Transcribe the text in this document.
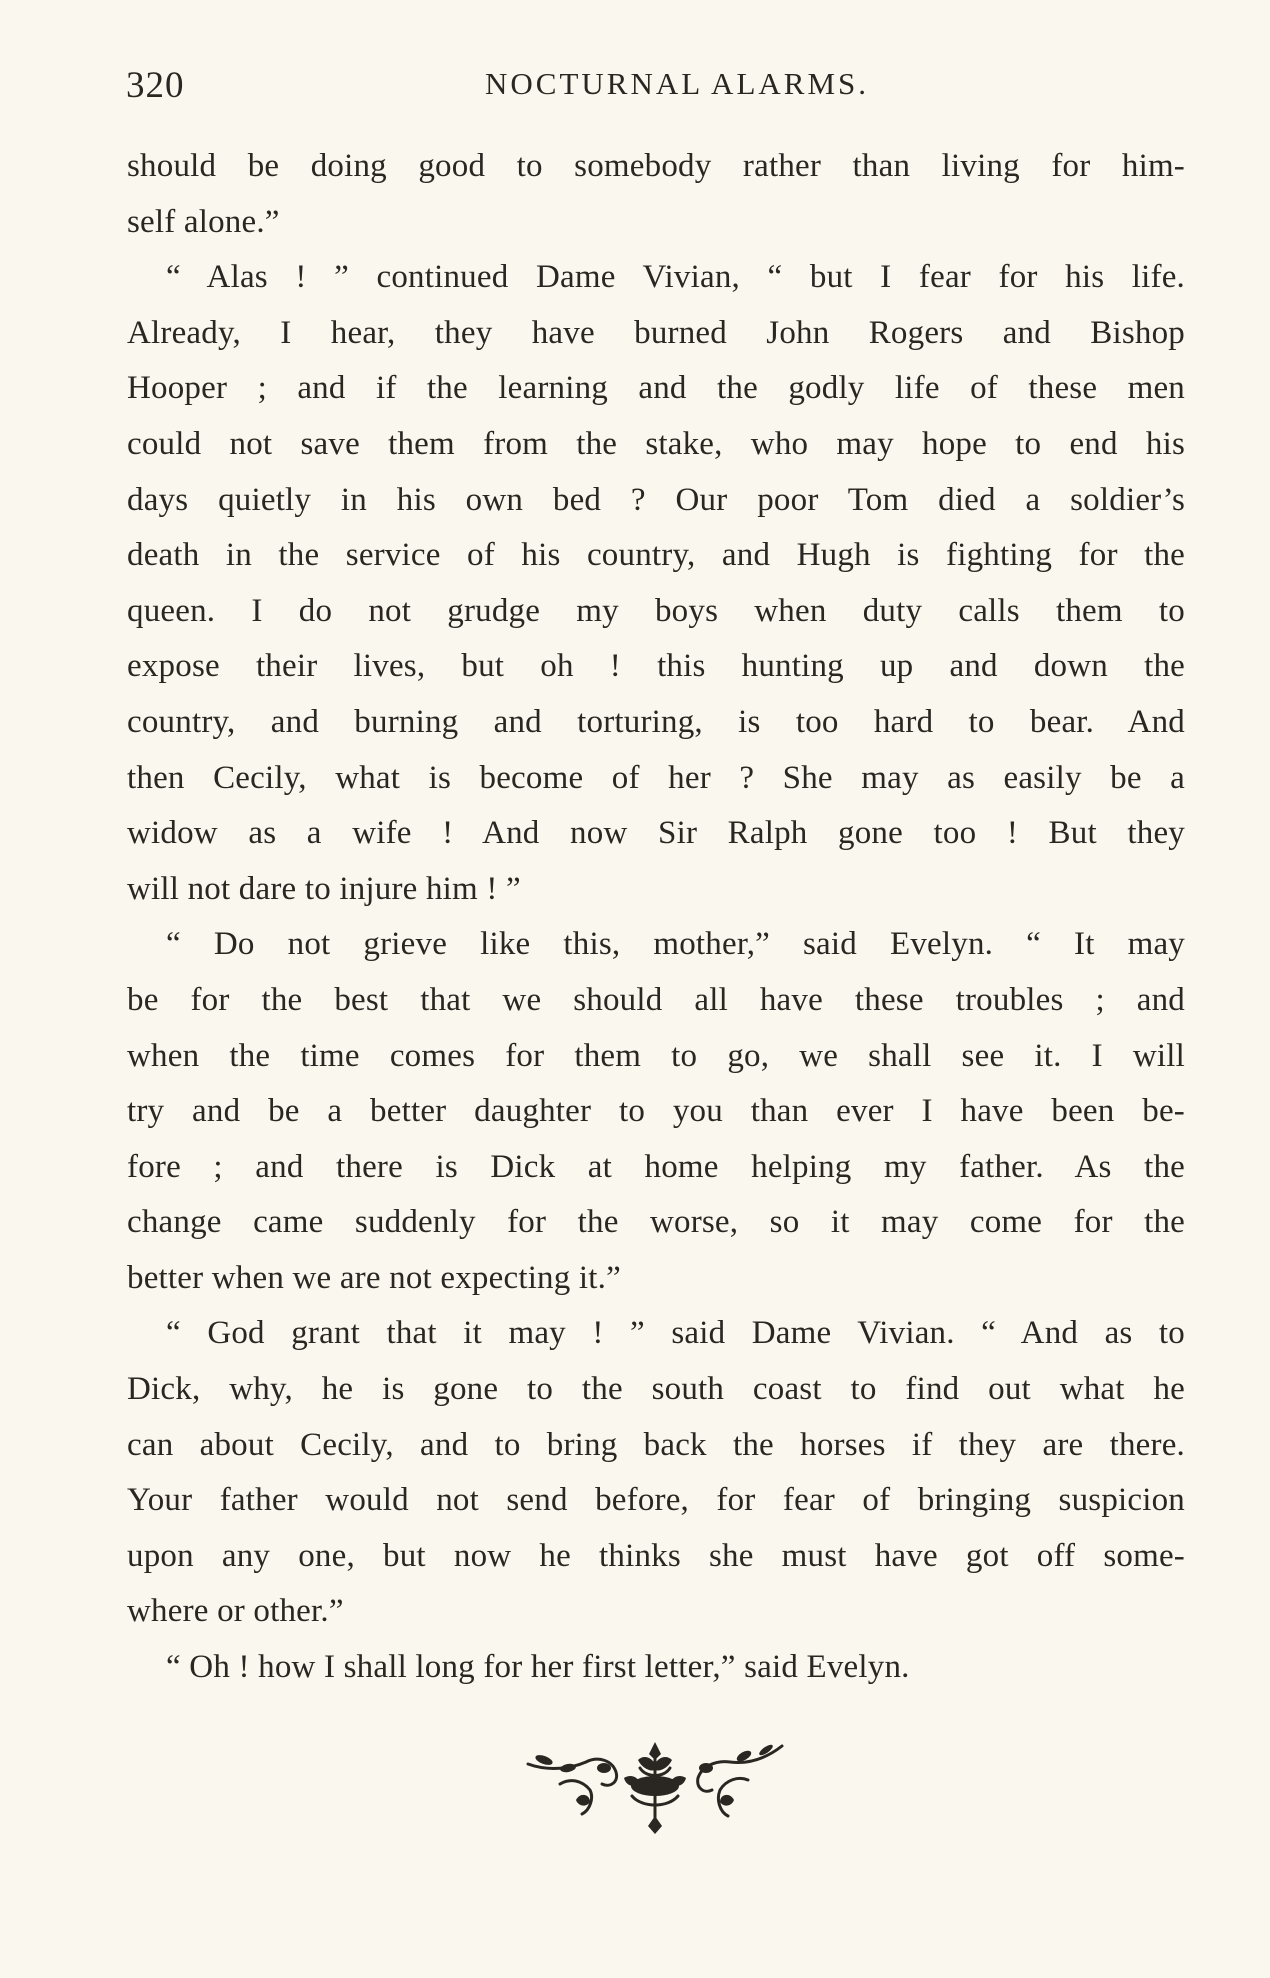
320	NOCTURNAL ALARMS.
should be doing good to somebody rather than living for him-
self alone.”
“ Alas ! ” continued Dame Vivian, “ but I fear for his life.
Already, I hear, they have burned John Rogers and Bishop
Hooper ; and if the learning and the godly life of these men
could not save them from the stake, who may hope to end his
days quietly in his own bed ? Our poor Tom died a soldier’s
death in the service of his country, and Hugh is fighting for the
queen. I do not grudge my boys when duty calls them to
expose their lives, but oh ! this hunting up and down the
country, and burning and torturing, is too hard to bear. And
then Cecily, what is become of her ? She may as easily be a
widow as a wife ! And now Sir Ralph gone too ! But they
will not dare to injure him ! ”
“ Do not grieve like this, mother,” said Evelyn. “ It may
be for the best that we should all have these troubles ; and
when the time comes for them to go, we shall see it. I will
try and be a better daughter to you than ever I have been be-
fore ; and there is Dick at home helping my father. As the
change came suddenly for the worse, so it may come for the
better when we are not expecting it.”
“ God grant that it may ! ” said Dame Vivian. “ And as to
Dick, why, he is gone to the south coast to find out what he
can about Cecily, and to bring back the horses if they are there.
Your father would not send before, for fear of bringing suspicion
upon any one, but now he thinks she must have got off some-
where or other.”
“ Oh ! how I shall long for her first letter,” said Evelyn.
